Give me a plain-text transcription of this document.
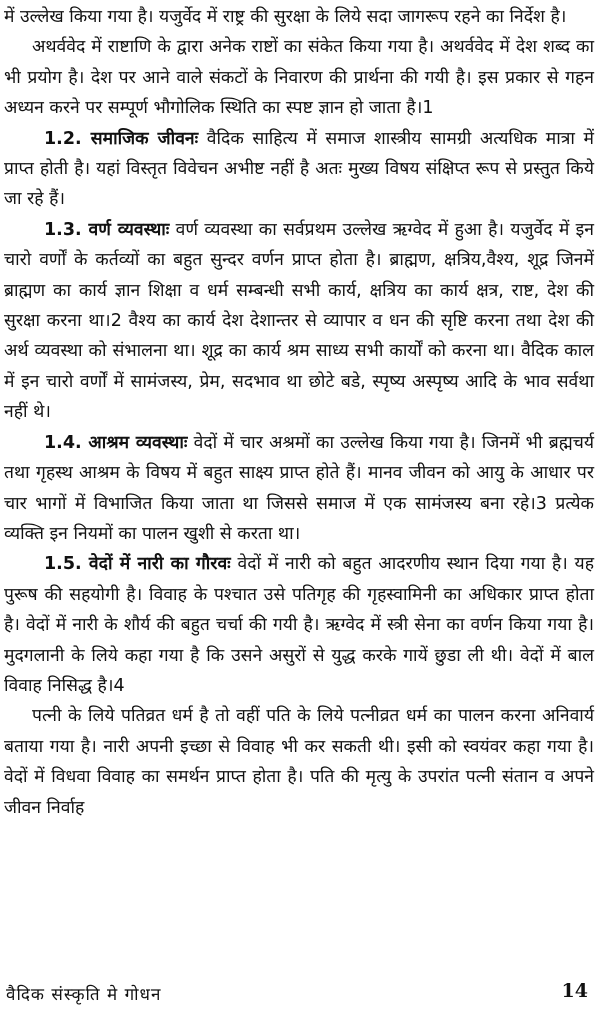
में उल्लेख किया गया है। यजुर्वेद में राष्ट्र की सुरक्षा के लिये सदा जागरूप रहने का निर्देश है।

अथर्ववेद में राष्टाणि के द्वारा अनेक राष्टों का संकेत किया गया है। अथर्ववेद में देश शब्द का भी प्रयोग है। देश पर आने वाले संकटों के निवारण की प्रार्थना की गयी है। इस प्रकार से गहन अध्यन करने पर सम्पूर्ण भौगोलिक स्थिति का स्पष्ट ज्ञान हो जाता है।1

1.2. समाजिक जीवनः वैदिक साहित्य में समाज शास्त्रीय सामग्री अत्यधिक मात्रा में प्राप्त होती है। यहां विस्तृत विवेचन अभीष्ट नहीं है अतः मुख्य विषय संक्षिप्त रूप से प्रस्तुत किये जा रहे हैं।

1.3. वर्ण व्यवस्थाः वर्ण व्यवस्था का सर्वप्रथम उल्लेख ऋग्वेद में हुआ है। यजुर्वेद में इन चारो वर्णों के कर्तव्यों का बहुत सुन्दर वर्णन प्राप्त होता है। ब्राह्मण, क्षत्रिय,वैश्य, शूद्र जिनमें ब्राह्मण का कार्य ज्ञान शिक्षा व धर्म सम्बन्धी सभी कार्य, क्षत्रिय का कार्य क्षत्र, राष्ट, देश की सुरक्षा करना था।2 वैश्य का कार्य देश देशान्तर से व्यापार व धन की सृष्टि करना तथा देश की अर्थ व्यवस्था को संभालना था। शूद्र का कार्य श्रम साध्य सभी कार्यों को करना था। वैदिक काल में इन चारो वर्णों में सामंजस्य, प्रेम, सदभाव था छोटे बडे, स्पृष्य अस्पृष्य आदि के भाव सर्वथा नहीं थे।

1.4. आश्रम व्यवस्थाः वेदों में चार अश्रमों का उल्लेख किया गया है। जिनमें भी ब्रह्मचर्य तथा गृहस्थ आश्रम के विषय में बहुत साक्ष्य प्राप्त होते हैं। मानव जीवन को आयु के आधार पर चार भागों में विभाजित किया जाता था जिससे समाज में एक सामंजस्य बना रहे।3 प्रत्येक व्यक्ति इन नियमों का पालन खुशी से करता था।

1.5. वेदों में नारी का गौरवः वेदों में नारी को बहुत आदरणीय स्थान दिया गया है। यह पुरूष की सहयोगी है। विवाह के पश्चात उसे पतिगृह की गृहस्वामिनी का अधिकार प्राप्त होता है। वेदों में नारी के शौर्य की बहुत चर्चा की गयी है। ऋग्वेद में स्त्री सेना का वर्णन किया गया है। मुदगलानी के लिये कहा गया है कि उसने असुरों से युद्ध करके गायें छुडा ली थी। वेदों में बाल विवाह निसिद्ध है।4

पत्नी के लिये पतिव्रत धर्म है तो वहीं पति के लिये पत्नीव्रत धर्म का पालन करना अनिवार्य बताया गया है। नारी अपनी इच्छा से विवाह भी कर सकती थी। इसी को स्वयंवर कहा गया है। वेदों में विधवा विवाह का समर्थन प्राप्त होता है। पति की मृत्यु के उपरांत पत्नी संतान व अपने जीवन निर्वाह

वैदिक संस्कृति मे गोधन	14
